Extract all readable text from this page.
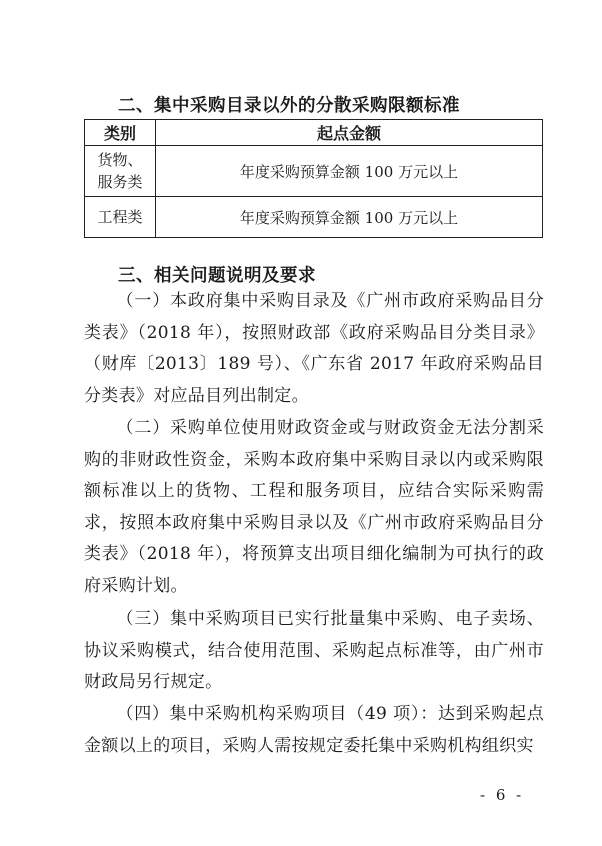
二、集中采购目录以外的分散采购限额标准
类别	起点金额
货物、
服务类	年度采购预算金额 100 万元以上
工程类	年度采购预算金额 100 万元以上
三、相关问题说明及要求
（一）本政府集中采购目录及《广州市政府采购品目分类表》（2018 年），按照财政部《政府采购品目分类目录》（财库〔2013〕189 号）、《广东省 2017 年政府采购品目分类表》对应品目列出制定。
（二）采购单位使用财政资金或与财政资金无法分割采购的非财政性资金，采购本政府集中采购目录以内或采购限额标准以上的货物、工程和服务项目，应结合实际采购需求，按照本政府集中采购目录以及《广州市政府采购品目分类表》（2018 年），将预算支出项目细化编制为可执行的政府采购计划。
（三）集中采购项目已实行批量集中采购、电子卖场、协议采购模式，结合使用范围、采购起点标准等，由广州市财政局另行规定。
（四）集中采购机构采购项目（49 项）：达到采购起点金额以上的项目，采购人需按规定委托集中采购机构组织实
- 6 -
